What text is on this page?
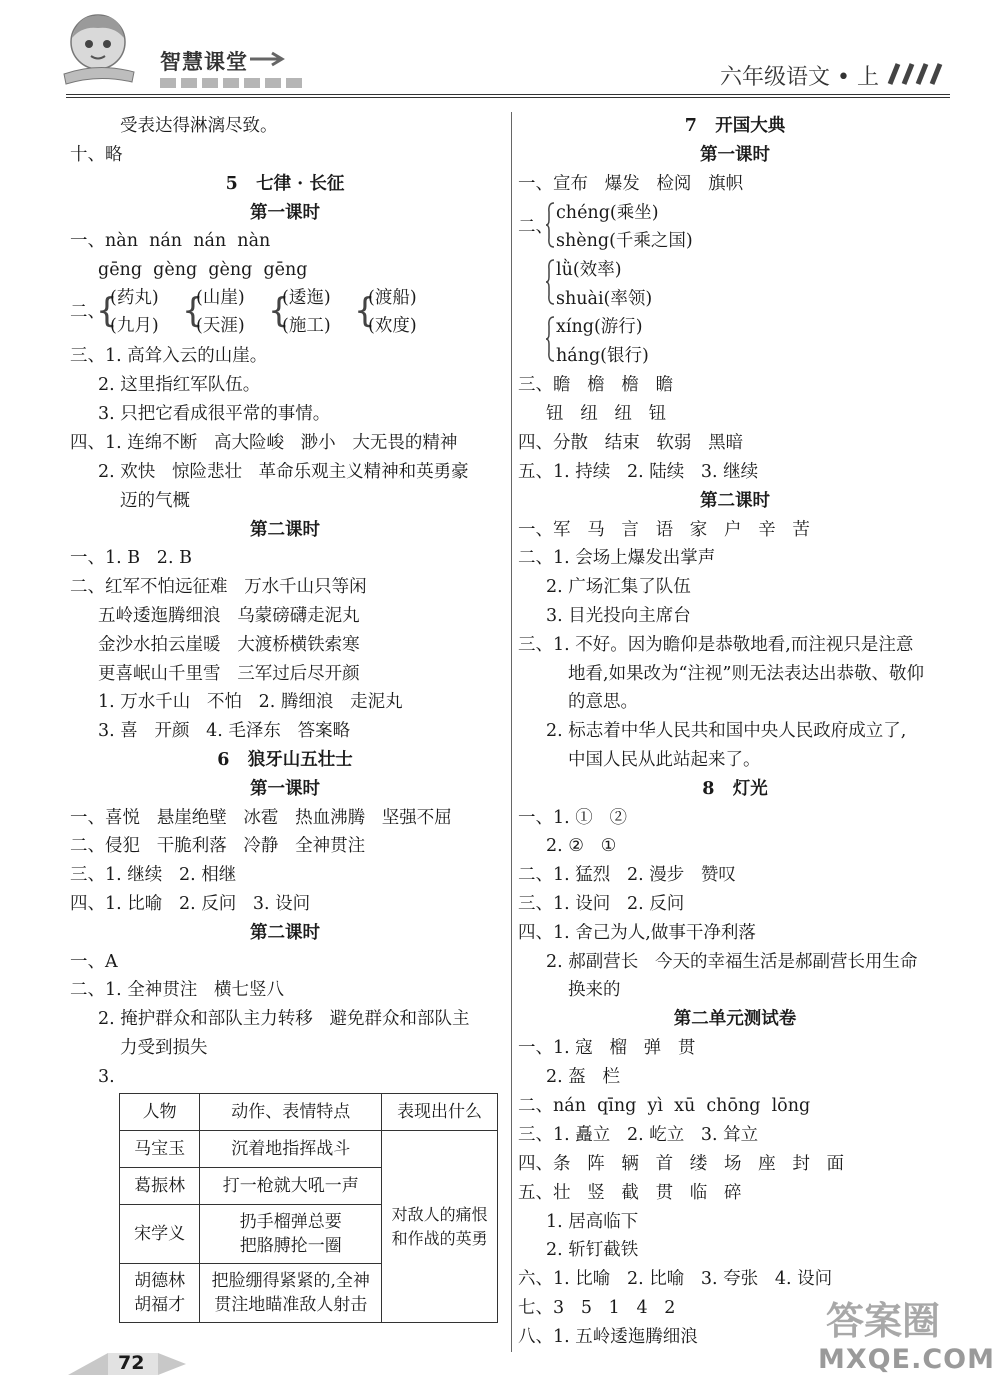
智慧课堂
六年级语文 • 上
受表达得淋漓尽致。
十、略
5   七律 · 长征
第一课时
一、nàn  nán  nán  nàn
gēng  gèng  gèng  gēng
二、
{
(药丸)
(九月) {
(山崖)
(天涯) {
(逶迤)
(施工) {
(渡船)
(欢度)
三、1. 高耸入云的山崖。
2. 这里指红军队伍。
3. 只把它看成很平常的事情。
四、1. 连绵不断   高大险峻   渺小   大无畏的精神
2. 欢快   惊险悲壮   革命乐观主义精神和英勇豪
迈的气概
第二课时
一、1. B   2. B
二、红军不怕远征难   万水千山只等闲
五岭逶迤腾细浪   乌蒙磅礴走泥丸
金沙水拍云崖暖   大渡桥横铁索寒
更喜岷山千里雪   三军过后尽开颜
1. 万水千山   不怕   2. 腾细浪   走泥丸
3. 喜   开颜   4. 毛泽东   答案略
6   狼牙山五壮士
第一课时
一、喜悦   悬崖绝壁   冰雹   热血沸腾   坚强不屈
二、侵犯   干脆利落   冷静   全神贯注
三、1. 继续   2. 相继
四、1. 比喻   2. 反问   3. 设问
第二课时
一、A
二、1. 全神贯注   横七竖八
2. 掩护群众和部队主力转移   避免群众和部队主
力受到损失
3.
人物	动作、表情特点	表现出什么
马宝玉	沉着地指挥战斗	对敌人的痛恨
和作战的英勇
葛振林	打一枪就大吼一声	
宋学义	扔手榴弹总要
把胳膊抡一圈	
胡德林
胡福才	把脸绷得紧紧的,全神
贯注地瞄准敌人射击	
7   开国大典
第一课时
一、宣布   爆发   检阅   旗帜
二、
chéng(乘坐)
shèng(千乘之国)
lǜ(效率)
shuài(率领)
xíng(游行)
háng(银行)
三、瞻   檐   檐   瞻
钮   纽   纽   钮
四、分散   结束   软弱   黑暗
五、1. 持续   2. 陆续   3. 继续
第二课时
一、军   马   言   语   家   户   辛   苦
二、1. 会场上爆发出掌声
2. 广场汇集了队伍
3. 目光投向主席台
三、1. 不好。因为瞻仰是恭敬地看,而注视只是注意
地看,如果改为“注视”则无法表达出恭敬、敬仰
的意思。
2. 标志着中华人民共和国中央人民政府成立了,
中国人民从此站起来了。
8   灯光
一、1. ①   ②
2. ②   ①
二、1. 猛烈   2. 漫步   赞叹
三、1. 设问   2. 反问
四、1. 舍己为人,做事干净利落
2. 郝副营长   今天的幸福生活是郝副营长用生命
换来的
第二单元测试卷
一、1. 寇   榴   弹   贯
2. 盔   栏
二、nán  qīng  yì  xū  chōng  lōng
三、1. 矗立   2. 屹立   3. 耸立
四、条   阵   辆   首   缕   场   座   封   面
五、壮   竖   截   贯   临   碎
1. 居高临下
2. 斩钉截铁
六、1. 比喻   2. 比喻   3. 夸张   4. 设问
七、3   5   1   4   2
八、1. 五岭逶迤腾细浪
72
答案圈
MXQE.COM
